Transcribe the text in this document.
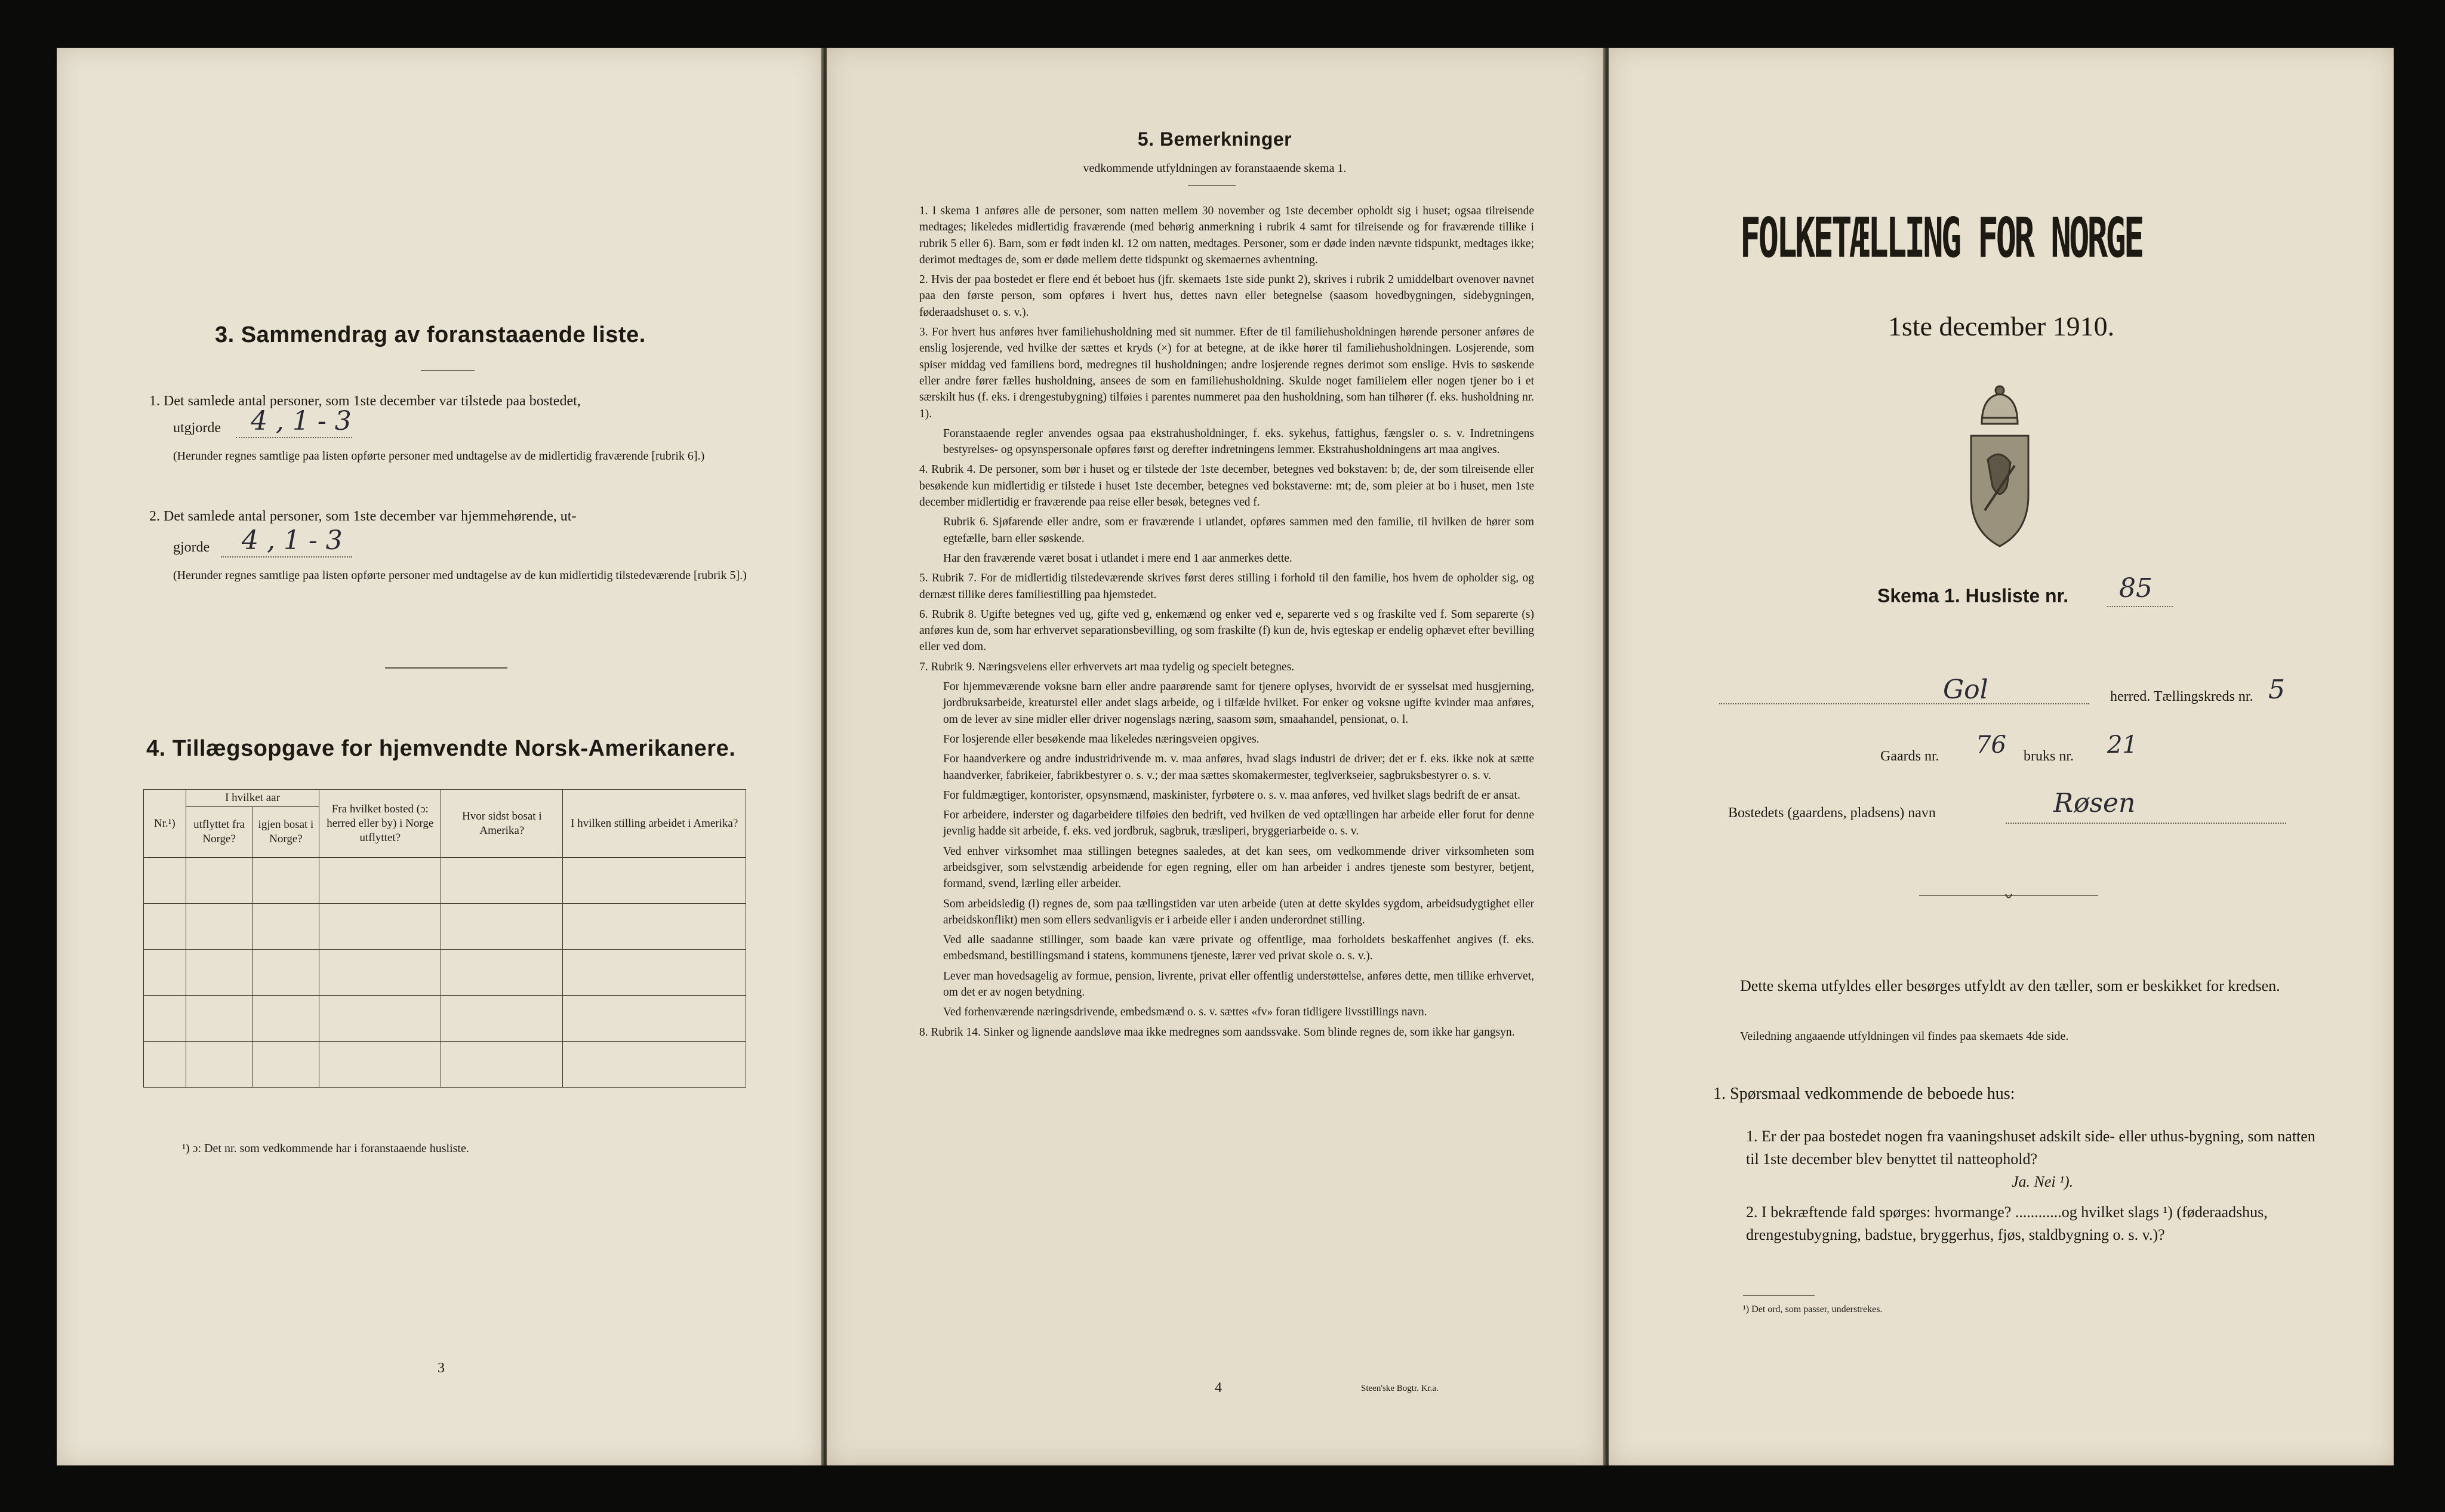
3. Sammendrag av foranstaaende liste.
1. Det samlede antal personer, som 1ste december var tilstede paa bostedet,
utgjorde 4 , 1 - 3
(Herunder regnes samtlige paa listen opførte personer med undtagelse av de midlertidig fraværende [rubrik 6].)
2. Det samlede antal personer, som 1ste december var hjemmehørende, ut-
gjorde 4 , 1 - 3
(Herunder regnes samtlige paa listen opførte personer med undtagelse av de kun midlertidig tilstedeværende [rubrik 5].)
4. Tillægsopgave for hjemvendte Norsk-Amerikanere.
Nr.¹)	I hvilket aar		Fra hvilket bosted (ɔ: herred eller by) i Norge utflyttet?	Hvor sidst bosat i Amerika?	I hvilken stilling arbeidet i Amerika?
	utflyttet fra Norge?	igjen bosat i Norge?			

¹) ɔ: Det nr. som vedkommende har i foranstaaende husliste.
3
5. Bemerkninger
vedkommende utfyldningen av foranstaaende skema 1.

1. I skema 1 anføres alle de personer, som natten mellem 30 november og 1ste december opholdt sig i huset; ogsaa tilreisende medtages; likeledes midlertidig fraværende (med behørig anmerkning i rubrik 4 samt for tilreisende og for fraværende tillike i rubrik 5 eller 6). Barn, som er født inden kl. 12 om natten, medtages. Personer, som er døde inden nævnte tidspunkt, medtages ikke; derimot medtages de, som er døde mellem dette tidspunkt og skemaernes avhentning.

2. Hvis der paa bostedet er flere end ét beboet hus (jfr. skemaets 1ste side punkt 2), skrives i rubrik 2 umiddelbart ovenover navnet paa den første person, som opføres i hvert hus, dettes navn eller betegnelse (saasom hovedbygningen, sidebygningen, føderaadshuset o. s. v.).

3. For hvert hus anføres hver familiehusholdning med sit nummer. Efter de til familiehusholdningen hørende personer anføres de enslig losjerende, ved hvilke der sættes et kryds (×) for at betegne, at de ikke hører til familiehusholdningen. Losjerende, som spiser middag ved familiens bord, medregnes til husholdningen; andre losjerende regnes derimot som enslige. Hvis to søskende eller andre fører fælles husholdning, ansees de som en familiehusholdning. Skulde noget familielem eller nogen tjener bo i et særskilt hus (f. eks. i drengestubygning) tilføies i parentes nummeret paa den husholdning, som han tilhører (f. eks. husholdning nr. 1).

Foranstaaende regler anvendes ogsaa paa ekstrahusholdninger, f. eks. sykehus, fattighus, fængsler o. s. v. Indretningens bestyrelses- og opsynspersonale opføres først og derefter indretningens lemmer. Ekstrahusholdningens art maa angives.

4. Rubrik 4. De personer, som bør i huset og er tilstede der 1ste december, betegnes ved bokstaven: b; de, der som tilreisende eller besøkende kun midlertidig er tilstede i huset 1ste december, betegnes ved bokstaverne: mt; de, som pleier at bo i huset, men 1ste december midlertidig er fraværende paa reise eller besøk, betegnes ved f.

Rubrik 6. Sjøfarende eller andre, som er fraværende i utlandet, opføres sammen med den familie, til hvilken de hører som egtefælle, barn eller søskende.

Har den fraværende været bosat i utlandet i mere end 1 aar anmerkes dette.

5. Rubrik 7. For de midlertidig tilstedeværende skrives først deres stilling i forhold til den familie, hos hvem de opholder sig, og dernæst tillike deres familiestilling paa hjemstedet.

6. Rubrik 8. Ugifte betegnes ved ug, gifte ved g, enkemænd og enker ved e, separerte ved s og fraskilte ved f. Som separerte (s) anføres kun de, som har erhvervet separationsbevilling, og som fraskilte (f) kun de, hvis egteskap er endelig ophævet efter bevilling eller ved dom.

7. Rubrik 9. Næringsveiens eller erhvervets art maa tydelig og specielt betegnes.

For hjemmeværende voksne barn eller andre paarørende samt for tjenere oplyses, hvorvidt de er sysselsat med husgjerning, jordbruksarbeide, kreaturstel eller andet slags arbeide, og i tilfælde hvilket. For enker og voksne ugifte kvinder maa anføres, om de lever av sine midler eller driver nogenslags næring, saasom søm, smaahandel, pensionat, o. l.

For losjerende eller besøkende maa likeledes næringsveien opgives.

For haandverkere og andre industridrivende m. v. maa anføres, hvad slags industri de driver; det er f. eks. ikke nok at sætte haandverker, fabrikeier, fabrikbestyrer o. s. v.; der maa sættes skomakermester, teglverkseier, sagbruksbestyrer o. s. v.

For fuldmægtiger, kontorister, opsynsmænd, maskinister, fyrbøtere o. s. v. maa anføres, ved hvilket slags bedrift de er ansat.

For arbeidere, inderster og dagarbeidere tilføies den bedrift, ved hvilken de ved optællingen har arbeide eller forut for denne jevnlig hadde sit arbeide, f. eks. ved jordbruk, sagbruk, træsliperi, bryggeriarbeide o. s. v.

Ved enhver virksomhet maa stillingen betegnes saaledes, at det kan sees, om vedkommende driver virksomheten som arbeidsgiver, som selvstændig arbeidende for egen regning, eller om han arbeider i andres tjeneste som bestyrer, betjent, formand, svend, lærling eller arbeider.

Som arbeidsledig (l) regnes de, som paa tællingstiden var uten arbeide (uten at dette skyldes sygdom, arbeidsudygtighet eller arbeidskonflikt) men som ellers sedvanligvis er i arbeide eller i anden underordnet stilling.

Ved alle saadanne stillinger, som baade kan være private og offentlige, maa forholdets beskaffenhet angives (f. eks. embedsmand, bestillingsmand i statens, kommunens tjeneste, lærer ved privat skole o. s. v.).

Lever man hovedsagelig av formue, pension, livrente, privat eller offentlig understøttelse, anføres dette, men tillike erhvervet, om det er av nogen betydning.

Ved forhenværende næringsdrivende, embedsmænd o. s. v. sættes «fv» foran tidligere livsstillings navn.

8. Rubrik 14. Sinker og lignende aandsløve maa ikke medregnes som aandssvake. Som blinde regnes de, som ikke har gangsyn.

4	Steen'ske Bogtr. Kr.a.
FOLKETÆLLING FOR NORGE
1ste december 1910.
Skema 1. Husliste nr. 85
Gol	herred. Tællingskreds nr. 5
Gaards nr. 76 bruks nr. 21
Bostedets (gaardens, pladsens) navn	Røsen
Dette skema utfyldes eller besørges utfyldt av den tæller, som er beskikket for kredsen.
Veiledning angaaende utfyldningen vil findes paa skemaets 4de side.
1. Spørsmaal vedkommende de beboede hus:
1. Er der paa bostedet nogen fra vaaningshuset adskilt side- eller uthus-bygning, som natten til 1ste december blev benyttet til natteophold?
Ja. Nei ¹).
2. I bekræftende fald spørges: hvormange? ............og hvilket slags ¹) (føderaadshus, drengestubygning, badstue, bryggerhus, fjøs, staldbygning o. s. v.)?
¹) Det ord, som passer, understrekes.
